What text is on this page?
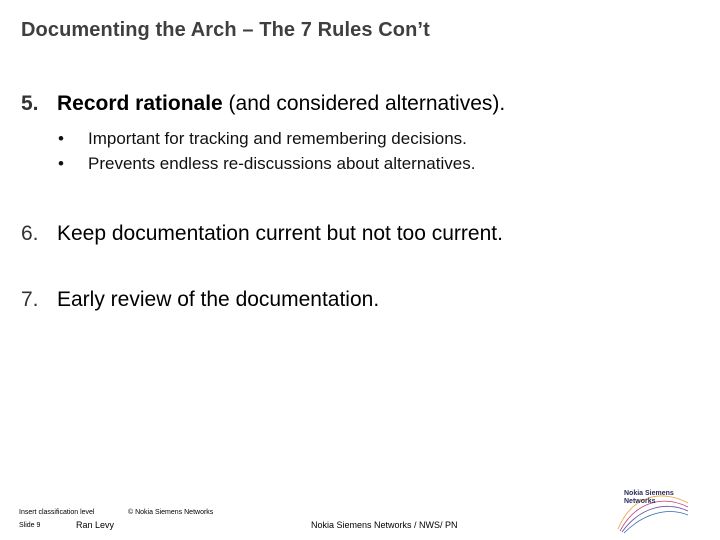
Documenting the Arch – The 7 Rules Con’t
5. Record rationale (and considered alternatives).
•	Important for tracking and remembering decisions.
•	Prevents endless re-discussions about alternatives.
6. Keep documentation current but not too current.
7. Early review of the documentation.
Insert classification level	© Nokia Siemens Networks
Slide 9	Ran Levy	Nokia Siemens Networks / NWS/ PN
Nokia Siemens
Networks
